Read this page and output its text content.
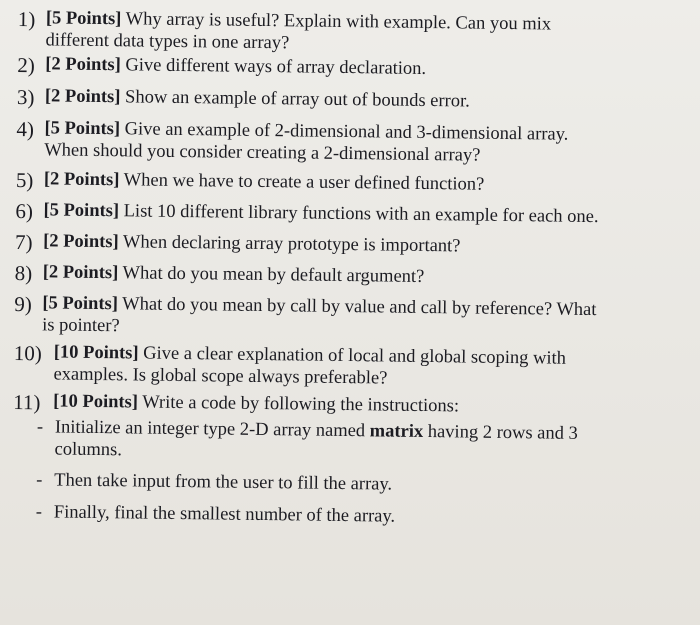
1) [5 Points] Why array is useful? Explain with example. Can you mix
different data types in one array?
2) [2 Points] Give different ways of array declaration.
3) [2 Points] Show an example of array out of bounds error.
4) [5 Points] Give an example of 2-dimensional and 3-dimensional array.
When should you consider creating a 2-dimensional array?
5) [2 Points] When we have to create a user defined function?
6) [5 Points] List 10 different library functions with an example for each one.
7) [2 Points] When declaring array prototype is important?
8) [2 Points] What do you mean by default argument?
9) [5 Points] What do you mean by call by value and call by reference? What
is pointer?
10) [10 Points] Give a clear explanation of local and global scoping with
examples. Is global scope always preferable?
11) [10 Points] Write a code by following the instructions:
- Initialize an integer type 2-D array named matrix having 2 rows and 3
columns.
- Then take input from the user to fill the array.
- Finally, final the smallest number of the array.
